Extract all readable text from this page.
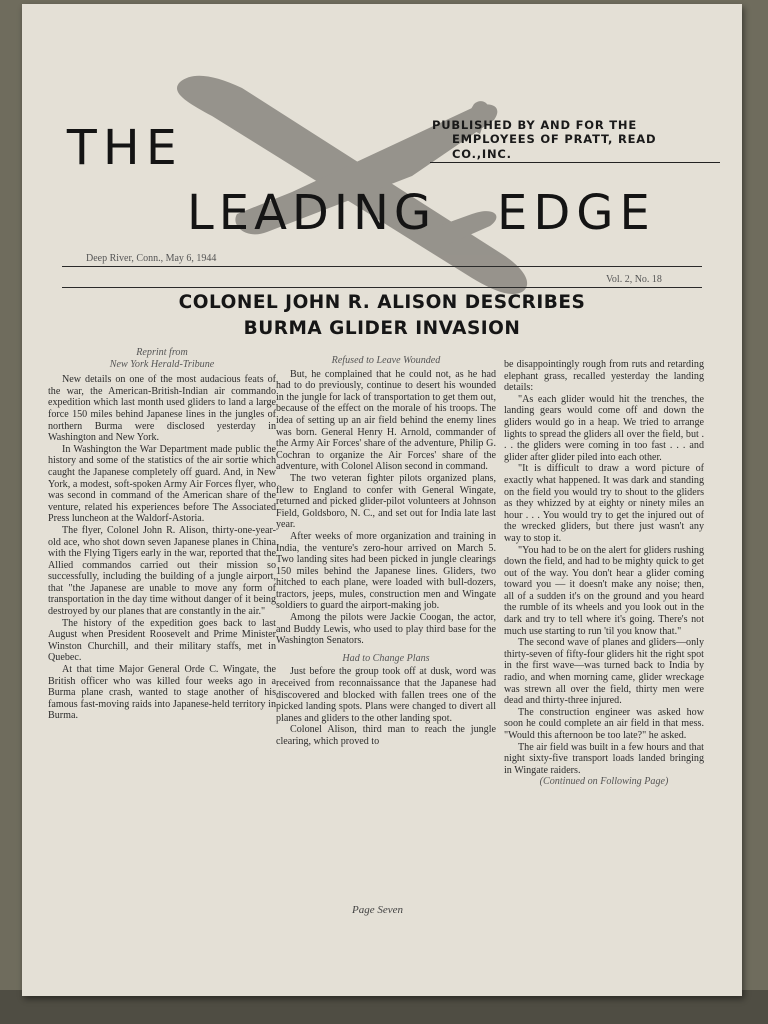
THE
LEADING EDGE
PUBLISHED BY AND FOR THE
EMPLOYEES OF PRATT, READ CO.,INC.
Deep River, Conn., May 6, 1944
Vol. 2, No. 18
COLONEL JOHN R. ALISON DESCRIBES
BURMA GLIDER INVASION
Reprint from
New York Herald-Tribune

New details on one of the most audacious feats of the war, the American-British-Indian air commando expedition which last month used gliders to land a large force 150 miles behind Japanese lines in the jungles of northern Burma were disclosed yesterday in Washington and New York.

In Washington the War Department made public the history and some of the statistics of the air sortie which caught the Japanese completely off guard. And, in New York, a modest, soft-spoken Army Air Forces flyer, who was second in command of the American share of the venture, related his experiences before The Associated Press luncheon at the Waldorf-Astoria.

The flyer, Colonel John R. Alison, thirty-one-year-old ace, who shot down seven Japanese planes in China with the Flying Tigers early in the war, reported that the Allied commandos carried out their mission so successfully, including the building of a jungle airport, that "the Japanese are unable to move any form of transportation in the day time without danger of it being destroyed by our planes that are constantly in the air."

The history of the expedition goes back to last August when President Roosevelt and Prime Minister Winston Churchill, and their military staffs, met in Quebec.

At that time Major General Orde C. Wingate, the British officer who was killed four weeks ago in a Burma plane crash, wanted to stage another of his famous fast-moving raids into Japanese-held territory in Burma.

Refused to Leave Wounded

But, he complained that he could not, as he had had to do previously, continue to desert his wounded in the jungle for lack of transportation to get them out, because of the effect on the morale of his troops. The idea of setting up an air field behind the enemy lines was born. General Henry H. Arnold, commander of the Army Air Forces' share of the adventure, Philip G. Cochran to organize the Air Forces' share of the adventure, with Colonel Alison second in command.

The two veteran fighter pilots organized plans, flew to England to confer with General Wingate, returned and picked glider-pilot volunteers at Johnson Field, Goldsboro, N. C., and set out for India late last year.

After weeks of more organization and training in India, the venture's zero-hour arrived on March 5. Two landing sites had been picked in jungle clearings 150 miles behind the Japanese lines. Gliders, two hitched to each plane, were loaded with bull-dozers, tractors, jeeps, mules, construction men and Wingate soldiers to guard the airport-making job.

Among the pilots were Jackie Coogan, the actor, and Buddy Lewis, who used to play third base for the Washington Senators.

Had to Change Plans

Just before the group took off at dusk, word was received from reconnaissance that the Japanese had discovered and blocked with fallen trees one of the picked landing spots. Plans were changed to divert all planes and gliders to the other landing spot.

Colonel Alison, third man to reach the jungle clearing, which proved to

be disappointingly rough from ruts and retarding elephant grass, recalled yesterday the landing details:

"As each glider would hit the trenches, the landing gears would come off and down the gliders would go in a heap. We tried to arrange lights to spread the gliders all over the field, but . . . the gliders were coming in too fast . . . and glider after glider piled into each other.

"It is difficult to draw a word picture of exactly what happened. It was dark and standing on the field you would try to shout to the gliders as they whizzed by at eighty or ninety miles an hour . . . You would try to get the injured out of the wrecked gliders, but there just wasn't any way to stop it.

"You had to be on the alert for gliders rushing down the field, and had to be mighty quick to get out of the way. You don't hear a glider coming toward you — it doesn't make any noise; then, all of a sudden it's on the ground and you heard the rumble of its wheels and you look out in the dark and try to tell where it's going. There's not much use starting to run 'til you know that."

The second wave of planes and gliders—only thirty-seven of fifty-four gliders hit the right spot in the first wave—was turned back to India by radio, and when morning came, glider wreckage was strewn all over the field, thirty men were dead and thirty-three injured.

The construction engineer was asked how soon he could complete an air field in that mess. "Would this afternoon be too late?" he asked.

The air field was built in a few hours and that night sixty-five transport loads landed bringing in Wingate raiders.

(Continued on Following Page)
Page Seven
